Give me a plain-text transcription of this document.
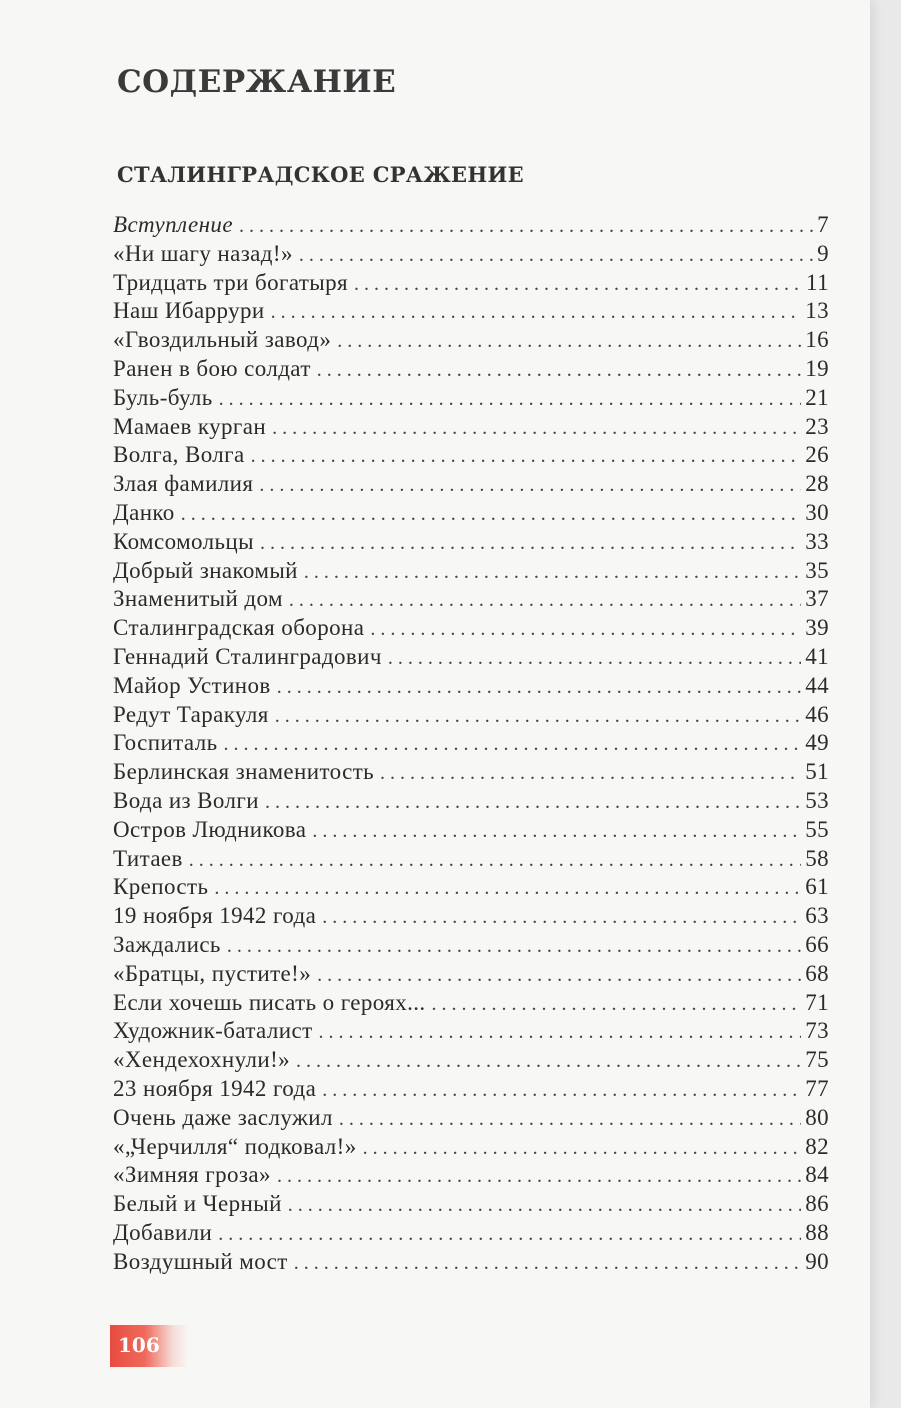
СОДЕРЖАНИЕ
СТАЛИНГРАДСКОЕ СРАЖЕНИЕ
Вступление . . .	7
«Ни шагу назад!» . . .	9
Тридцать три богатыря . . .	11
Наш Ибаррури . . .	13
«Гвоздильный завод» . . .	16
Ранен в бою солдат . . .	19
Буль-буль . . .	21
Мамаев курган . . .	23
Волга, Волга . . .	26
Злая фамилия . . .	28
Данко . . .	30
Комсомольцы . . .	33
Добрый знакомый . . .	35
Знаменитый дом . . .	37
Сталинградская оборона . . .	39
Геннадий Сталинградович . . .	41
Майор Устинов . . .	44
Редут Таракуля . . .	46
Госпиталь . . .	49
Берлинская знаменитость . . .	51
Вода из Волги . . .	53
Остров Людникова . . .	55
Титаев . . .	58
Крепость . . .	61
19 ноября 1942 года . . .	63
Заждались . . .	66
«Братцы, пустите!» . . .	68
Если хочешь писать о героях... . . .	71
Художник-баталист . . .	73
«Хендехохнули!» . . .	75
23 ноября 1942 года . . .	77
Очень даже заслужил . . .	80
«„Черчилля“ подковал!» . . .	82
«Зимняя гроза» . . .	84
Белый и Черный . . .	86
Добавили . . .	88
Воздушный мост . . .	90
106
